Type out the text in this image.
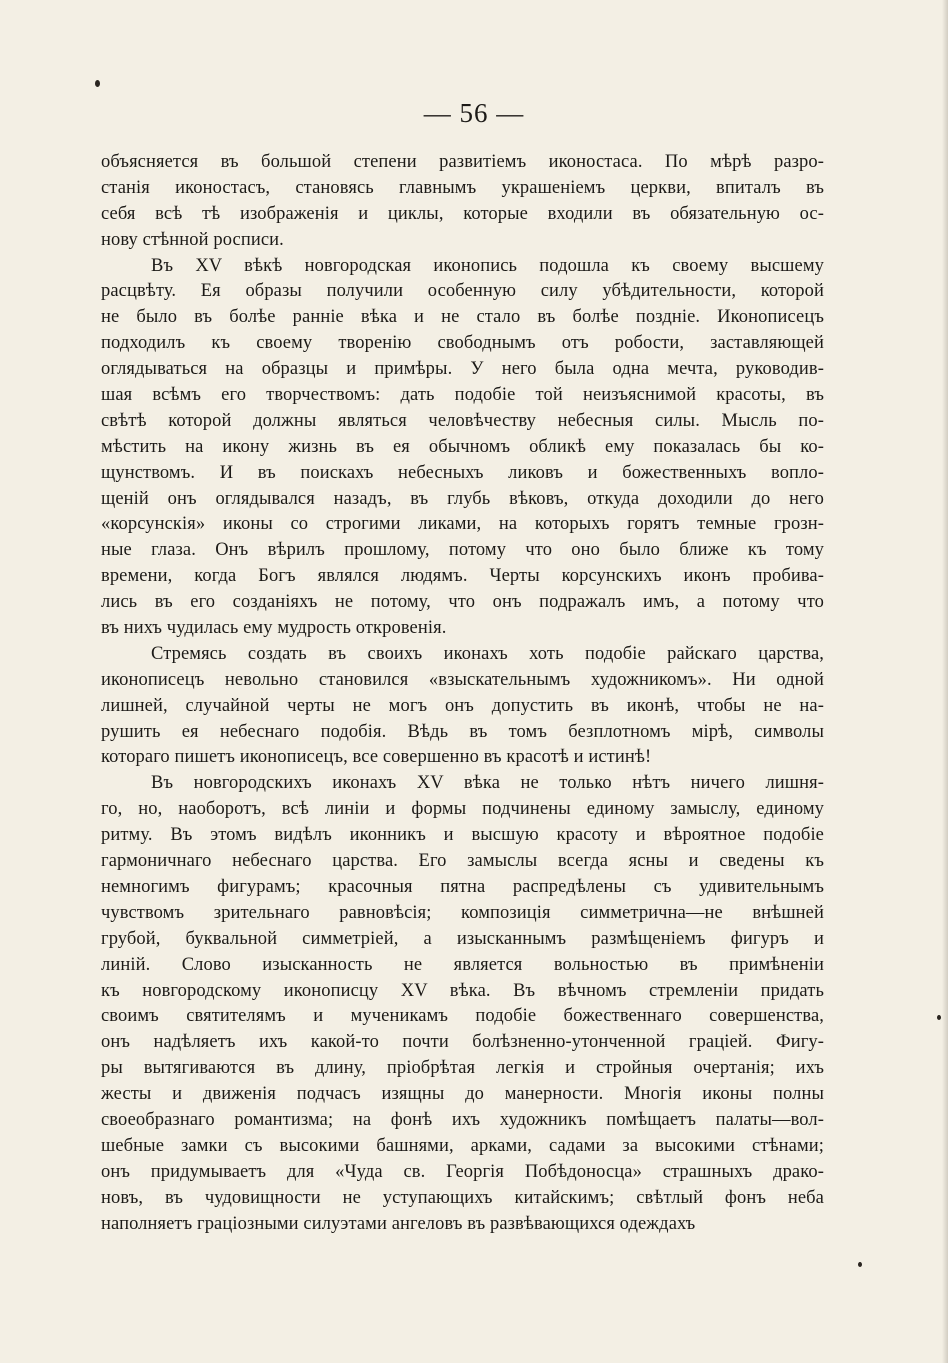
— 56 —
объясняется въ большой степени развитіемъ иконостаса. По мѣрѣ разро-
станія иконостасъ, становясь главнымъ украшеніемъ церкви, впиталъ въ
себя всѣ тѣ изображенія и циклы, которые входили въ обязательную ос-
нову стѣнной росписи.
Въ XV вѣкѣ новгородская иконопись подошла къ своему высшему
расцвѣту. Ея образы получили особенную силу убѣдительности, которой
не было въ болѣе ранніе вѣка и не стало въ болѣе поздніе. Иконописецъ
подходилъ къ своему творенію свободнымъ отъ робости, заставляющей
оглядываться на образцы и примѣры. У него была одна мечта, руководив-
шая всѣмъ его творчествомъ: дать подобіе той неизъяснимой красоты, въ
свѣтѣ которой должны являться человѣчеству небесныя силы. Мысль по-
мѣстить на икону жизнь въ ея обычномъ обликѣ ему показалась бы ко-
щунствомъ. И въ поискахъ небесныхъ ликовъ и божественныхъ вопло-
щеній онъ оглядывался назадъ, въ глубь вѣковъ, откуда доходили до него
«корсунскія» иконы со строгими ликами, на которыхъ горятъ темные грозн-
ные глаза. Онъ вѣрилъ прошлому, потому что оно было ближе къ тому
времени, когда Богъ являлся людямъ. Черты корсунскихъ иконъ пробива-
лись въ его созданіяхъ не потому, что онъ подражалъ имъ, а потому что
въ нихъ чудилась ему мудрость откровенія.
Стремясь создать въ своихъ иконахъ хоть подобіе райскаго царства,
иконописецъ невольно становился «взыскательнымъ художникомъ». Ни одной
лишней, случайной черты не могъ онъ допустить въ иконѣ, чтобы не на-
рушить ея небеснаго подобія. Вѣдь въ томъ безплотномъ мірѣ, символы
котораго пишетъ иконописецъ, все совершенно въ красотѣ и истинѣ!
Въ новгородскихъ иконахъ XV вѣка не только нѣтъ ничего лишня-
го, но, наоборотъ, всѣ линіи и формы подчинены единому замыслу, единому
ритму. Въ этомъ видѣлъ иконникъ и высшую красоту и вѣроятное подобіе
гармоничнаго небеснаго царства. Его замыслы всегда ясны и сведены къ
немногимъ фигурамъ; красочныя пятна распредѣлены съ удивительнымъ
чувствомъ зрительнаго равновѣсія; композиція симметрична—не внѣшней
грубой, буквальной симметріей, а изысканнымъ размѣщеніемъ фигуръ и
линій. Слово изысканность не является вольностью въ примѣненіи
къ новгородскому иконописцу XV вѣка. Въ вѣчномъ стремленіи придать
своимъ святителямъ и мученикамъ подобіе божественнаго совершенства,
онъ надѣляетъ ихъ какой-то почти болѣзненно-утонченной граціей. Фигу-
ры вытягиваются въ длину, пріобрѣтая легкія и стройныя очертанія; ихъ
жесты и движенія подчасъ изящны до манерности. Многія иконы полны
своеобразнаго романтизма; на фонѣ ихъ художникъ помѣщаетъ палаты—вол-
шебные замки съ высокими башнями, арками, садами за высокими стѣнами;
онъ придумываетъ для «Чуда св. Георгія Побѣдоносца» страшныхъ драко-
новъ, въ чудовищности не уступающихъ китайскимъ; свѣтлый фонъ неба
наполняетъ граціозными силуэтами ангеловъ въ развѣвающихся одеждахъ
